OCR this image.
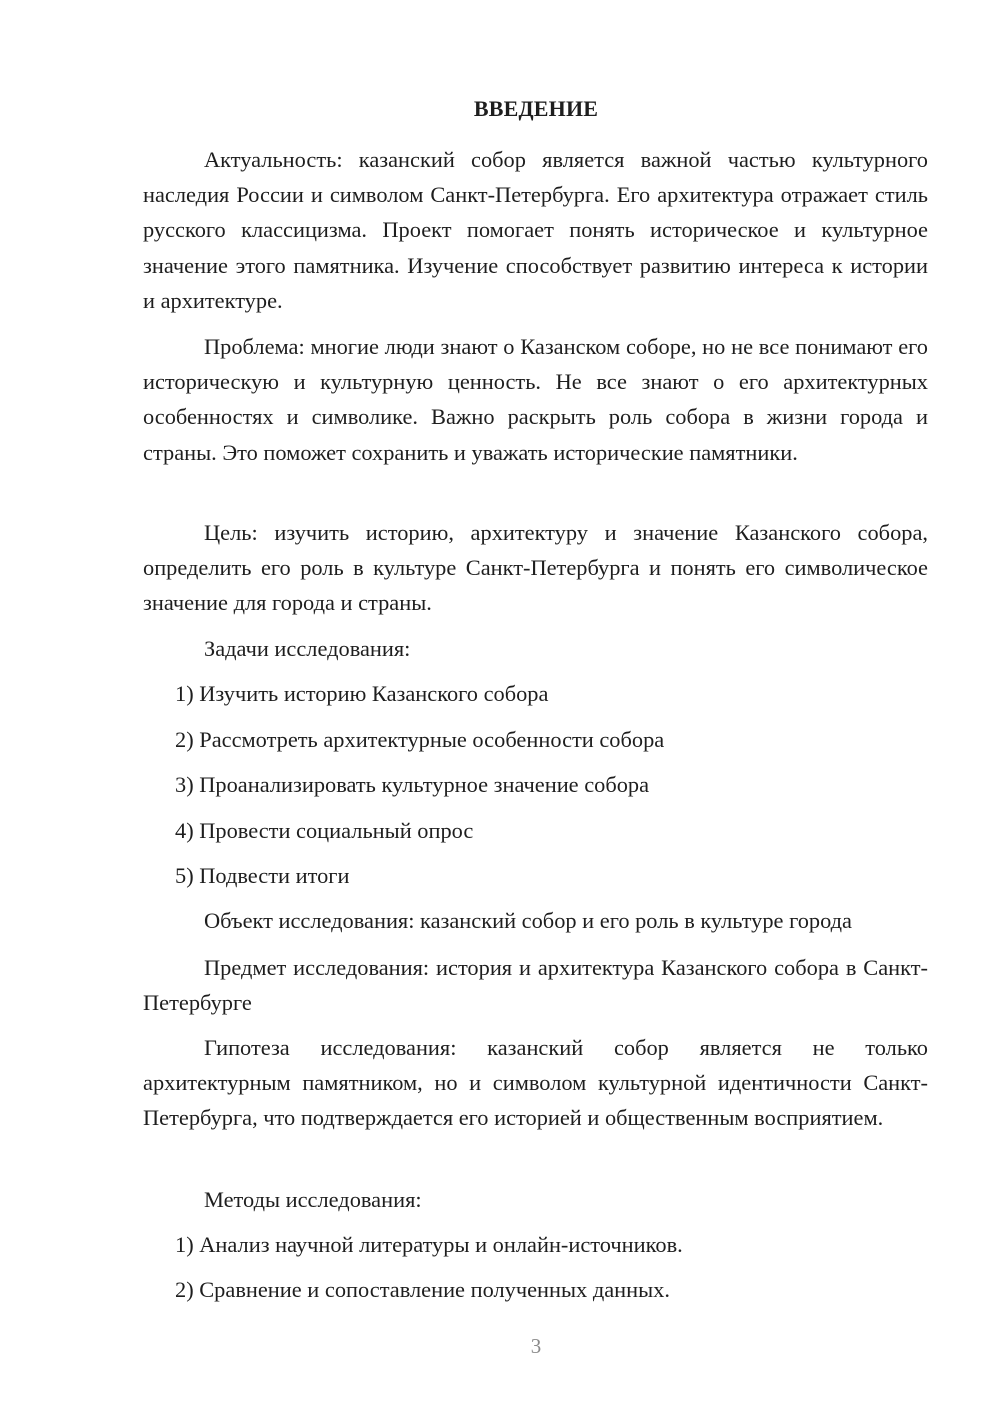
ВВЕДЕНИЕ

Актуальность: казанский собор является важной частью культурного наследия России и символом Санкт-Петербурга. Его архитектура отражает стиль русского классицизма. Проект помогает понять историческое и культурное значение этого памятника. Изучение способствует развитию интереса к истории и архитектуре.

Проблема: многие люди знают о Казанском соборе, но не все понимают его историческую и культурную ценность. Не все знают о его архитектурных особенностях и символике. Важно раскрыть роль собора в жизни города и страны. Это поможет сохранить и уважать исторические памятники.

Цель: изучить историю, архитектуру и значение Казанского собора, определить его роль в культуре Санкт-Петербурга и понять его символическое значение для города и страны.

Задачи исследования:

1) Изучить историю Казанского собора

2) Рассмотреть архитектурные особенности собора

3) Проанализировать культурное значение собора

4) Провести социальный опрос

5) Подвести итоги

Объект исследования: казанский собор и его роль в культуре города

Предмет исследования: история и архитектура Казанского собора в Санкт-Петербурге

Гипотеза исследования: казанский собор является не только архитектурным памятником, но и символом культурной идентичности Санкт-Петербурга, что подтверждается его историей и общественным восприятием.

Методы исследования:

1) Анализ научной литературы и онлайн-источников.

2) Сравнение и сопоставление полученных данных.

3
